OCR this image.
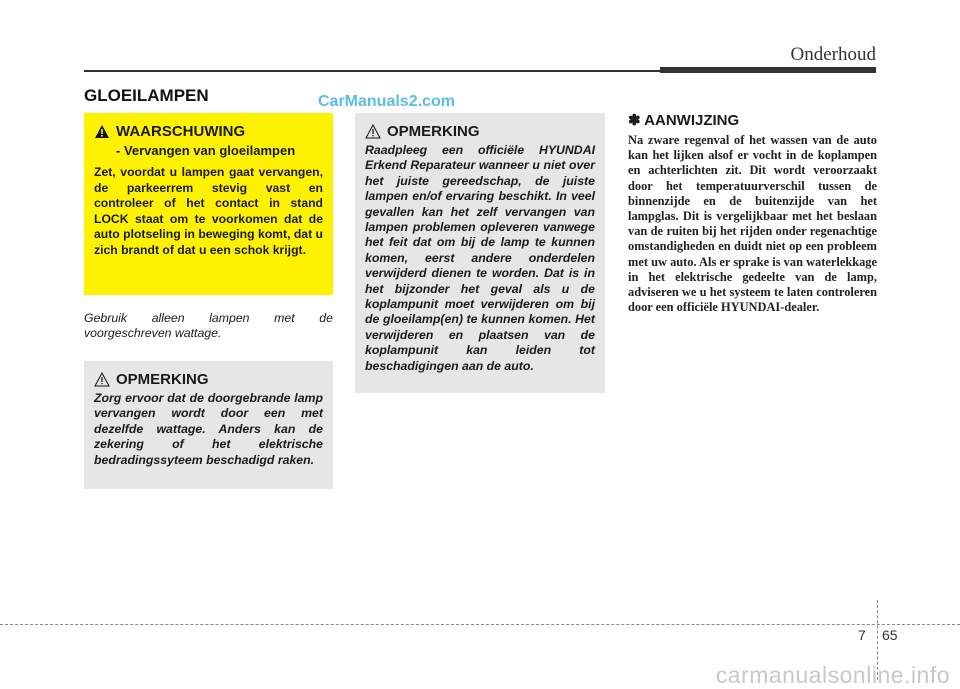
Onderhoud
GLOEILAMPEN	CarManuals2.com
WAARSCHUWING
- Vervangen van gloeilampen
Zet, voordat u lampen gaat vervangen, de parkeerrem stevig vast en controleer of het contact in stand LOCK staat om te voorkomen dat de auto plotseling in beweging komt, dat u zich brandt of dat u een schok krijgt.
Gebruik alleen lampen met de voorgeschreven wattage.
OPMERKING
Zorg ervoor dat de doorgebrande lamp vervangen wordt door een met dezelfde wattage. Anders kan de zekering of het elektrische bedradingssyteem beschadigd raken.
OPMERKING
Raadpleeg een officiële HYUNDAI Erkend Reparateur wanneer u niet over het juiste gereedschap, de juiste lampen en/of ervaring beschikt. In veel gevallen kan het zelf vervangen van lampen problemen opleveren vanwege het feit dat om bij de lamp te kunnen komen, eerst andere onderdelen verwijderd dienen te worden. Dat is in het bijzonder het geval als u de koplampunit moet verwijderen om bij de gloeilamp(en) te kunnen komen. Het verwijderen en plaatsen van de koplampunit kan leiden tot beschadigingen aan de auto.
✽ AANWIJZING
Na zware regenval of het wassen van de auto kan het lijken alsof er vocht in de koplampen en achterlichten zit. Dit wordt veroorzaakt door het temperatuurverschil tussen de binnenzijde en de buitenzijde van het lampglas. Dit is vergelijkbaar met het beslaan van de ruiten bij het rijden onder regenachtige omstandigheden en duidt niet op een probleem met uw auto. Als er sprake is van waterlekkage in het elektrische gedeelte van de lamp, adviseren we u het systeem te laten controleren door een officiële HYUNDAI-dealer.
7 65
carmanualsonline.info
